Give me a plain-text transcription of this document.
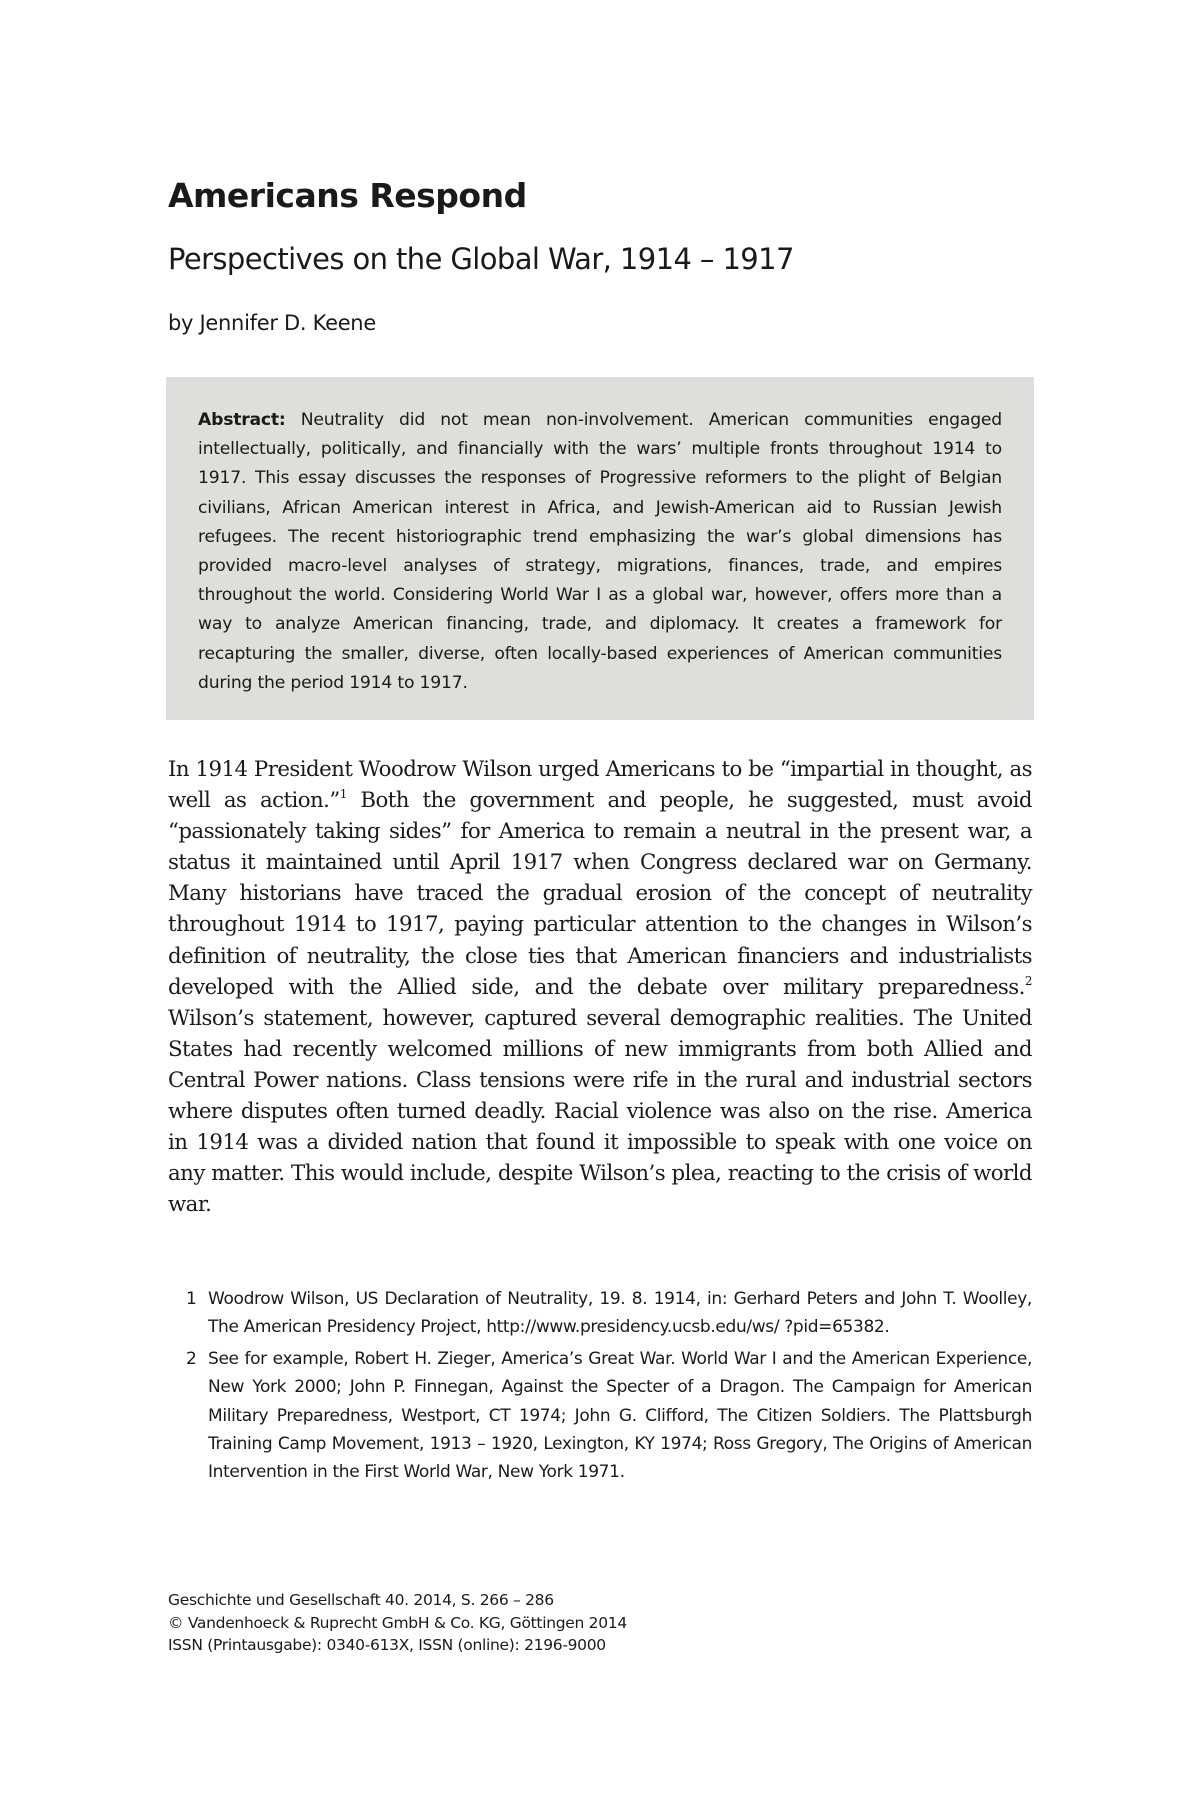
Americans Respond
Perspectives on the Global War, 1914 – 1917

by Jennifer D. Keene

Abstract: Neutrality did not mean non-involvement. American communities engaged intellectually, politically, and financially with the wars’ multiple fronts throughout 1914 to 1917. This essay discusses the responses of Progressive reformers to the plight of Belgian civilians, African American interest in Africa, and Jewish-American aid to Russian Jewish refugees. The recent historiographic trend emphasizing the war’s global dimensions has provided macro-level analyses of strategy, migrations, finances, trade, and empires throughout the world. Considering World War I as a global war, however, offers more than a way to analyze American financing, trade, and diplomacy. It creates a framework for recapturing the smaller, diverse, often locally-based experiences of American communities during the period 1914 to 1917.

In 1914 President Woodrow Wilson urged Americans to be “impartial in thought, as well as action.”$^1$ Both the government and people, he suggested, must avoid “passionately taking sides” for America to remain a neutral in the present war, a status it maintained until April 1917 when Congress declared war on Germany. Many historians have traced the gradual erosion of the concept of neutrality throughout 1914 to 1917, paying particular attention to the changes in Wilson’s definition of neutrality, the close ties that American financiers and industrialists developed with the Allied side, and the debate over military preparedness.$^2$ Wilson’s statement, however, captured several demographic realities. The United States had recently welcomed millions of new immigrants from both Allied and Central Power nations. Class tensions were rife in the rural and industrial sectors where disputes often turned deadly. Racial violence was also on the rise. America in 1914 was a divided nation that found it impossible to speak with one voice on any matter. This would include, despite Wilson’s plea, reacting to the crisis of world war.

1 Woodrow Wilson, US Declaration of Neutrality, 19. 8. 1914, in: Gerhard Peters and John T. Woolley, The American Presidency Project, http://www.presidency.ucsb.edu/ws/ ?pid=65382.
2 See for example, Robert H. Zieger, America’s Great War. World War I and the American Experience, New York 2000; John P. Finnegan, Against the Specter of a Dragon. The Campaign for American Military Preparedness, Westport, CT 1974; John G. Clifford, The Citizen Soldiers. The Plattsburgh Training Camp Movement, 1913 – 1920, Lexington, KY 1974; Ross Gregory, The Origins of American Intervention in the First World War, New York 1971.
Geschichte und Gesellschaft 40. 2014, S. 266 – 286
© Vandenhoeck & Ruprecht GmbH & Co. KG, Göttingen 2014
ISSN (Printausgabe): 0340-613X, ISSN (online): 2196-9000
